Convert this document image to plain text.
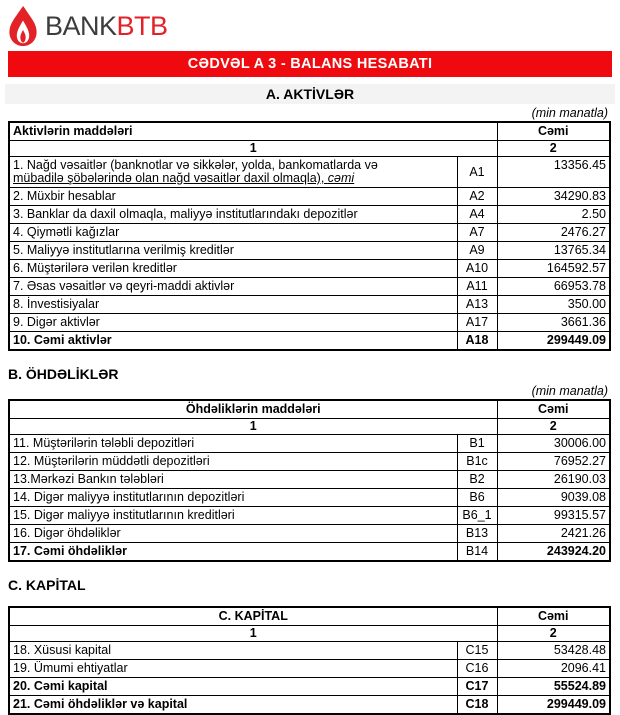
BANKBTB
CƏDVƏL A 3 - BALANS HESABATI
A. AKTİVLƏR
(min manatla)
Aktivlərin maddələri		Cəmi
1		2
1. Nağd vəsaitlər (banknotlar və sikkələr, yolda, bankomatlarda və
mübadilə şöbələrində olan nağd vəsaitlər daxil olmaqla), cəmi	A1	13356.45
2. Müxbir hesablar	A2	34290.83
3. Banklar da daxil olmaqla, maliyyə institutlarındakı depozitlər	A4	2.50
4. Qiymətli kağızlar	A7	2476.27
5. Maliyyə institutlarına verilmiş kreditlər	A9	13765.34
6. Müştərilərə verilən kreditlər	A10	164592.57
7. Əsas vəsaitlər və qeyri-maddi aktivlər	A11	66953.78
8. İnvestisiyalar	A13	350.00
9. Digər aktivlər	A17	3661.36
10. Cəmi aktivlər	A18	299449.09
B. ÖHDƏLİKLƏR
(min manatla)
Öhdəliklərin maddələri		Cəmi
1		2
11. Müştərilərin tələbli depozitləri	B1	30006.00
12. Müştərilərin müddətli depozitləri	B1c	76952.27
13.Mərkəzi Bankın tələbləri	B2	26190.03
14. Digər maliyyə institutlarının depozitləri	B6	9039.08
15. Digər maliyyə institutlarının kreditləri	B6_1	99315.57
16. Digər öhdəliklər	B13	2421.26
17. Cəmi öhdəliklər	B14	243924.20
C. KAPİTAL
C. KAPİTAL		Cəmi
1		2
18. Xüsusi kapital	C15	53428.48
19. Ümumi ehtiyatlar	C16	2096.41
20. Cəmi kapital	C17	55524.89
21. Cəmi öhdəliklər və kapital	C18	299449.09
